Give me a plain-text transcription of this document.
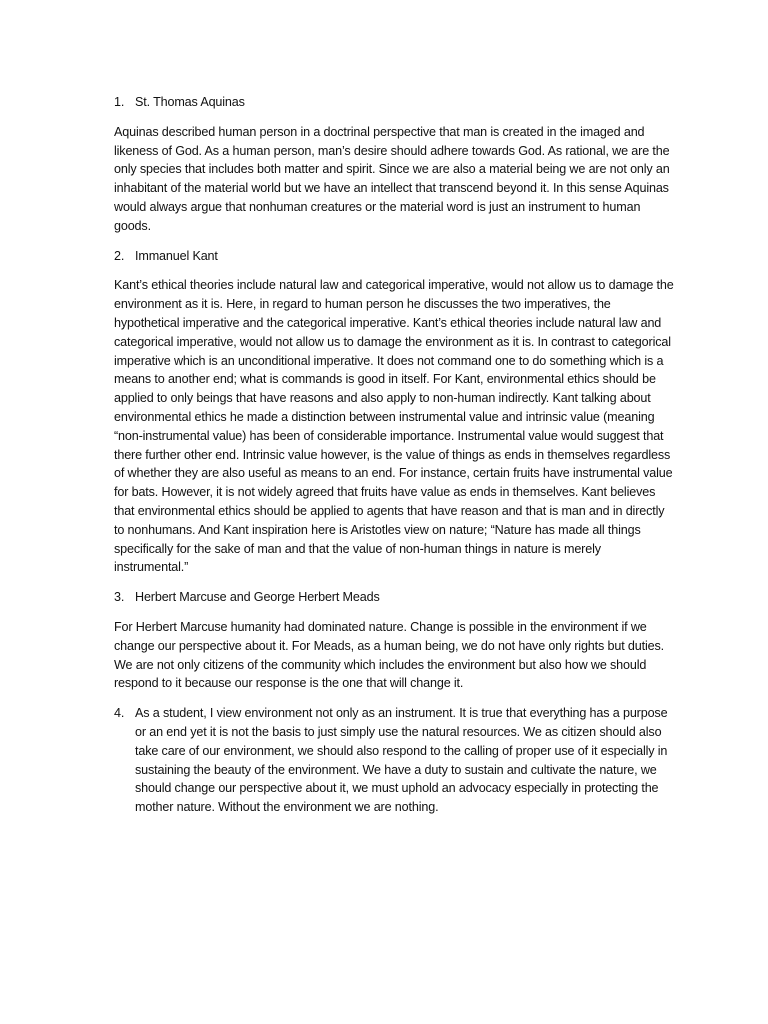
1. St. Thomas Aquinas

Aquinas described human person in a doctrinal perspective that man is created in the imaged and likeness of God. As a human person, man’s desire should adhere towards God. As rational, we are the only species that includes both matter and spirit. Since we are also a material being we are not only an inhabitant of the material world but we have an intellect that transcend beyond it. In this sense Aquinas would always argue that nonhuman creatures or the material word is just an instrument to human goods.

2. Immanuel Kant

Kant’s ethical theories include natural law and categorical imperative, would not allow us to damage the environment as it is. Here, in regard to human person he discusses the two imperatives, the hypothetical imperative and the categorical imperative. Kant’s ethical theories include natural law and categorical imperative, would not allow us to damage the environment as it is. In contrast to categorical imperative which is an unconditional imperative. It does not command one to do something which is a means to another end; what is commands is good in itself. For Kant, environmental ethics should be applied to only beings that have reasons and also apply to non-human indirectly. Kant talking about environmental ethics he made a distinction between instrumental value and intrinsic value (meaning “non-instrumental value) has been of considerable importance. Instrumental value would suggest that there further other end. Intrinsic value however, is the value of things as ends in themselves regardless of whether they are also useful as means to an end. For instance, certain fruits have instrumental value for bats. However, it is not widely agreed that fruits have value as ends in themselves. Kant believes that environmental ethics should be applied to agents that have reason and that is man and in directly to nonhumans. And Kant inspiration here is Aristotles view on nature; “Nature has made all things specifically for the sake of man and that the value of non-human things in nature is merely instrumental.”

3. Herbert Marcuse and George Herbert Meads

For Herbert Marcuse humanity had dominated nature. Change is possible in the environment if we change our perspective about it. For Meads, as a human being, we do not have only rights but duties. We are not only citizens of the community which includes the environment but also how we should respond to it because our response is the one that will change it.

4. As a student, I view environment not only as an instrument. It is true that everything has a purpose or an end yet it is not the basis to just simply use the natural resources. We as citizen should also take care of our environment, we should also respond to the calling of proper use of it especially in sustaining the beauty of the environment. We have a duty to sustain and cultivate the nature, we should change our perspective about it, we must uphold an advocacy especially in protecting the mother nature. Without the environment we are nothing.
